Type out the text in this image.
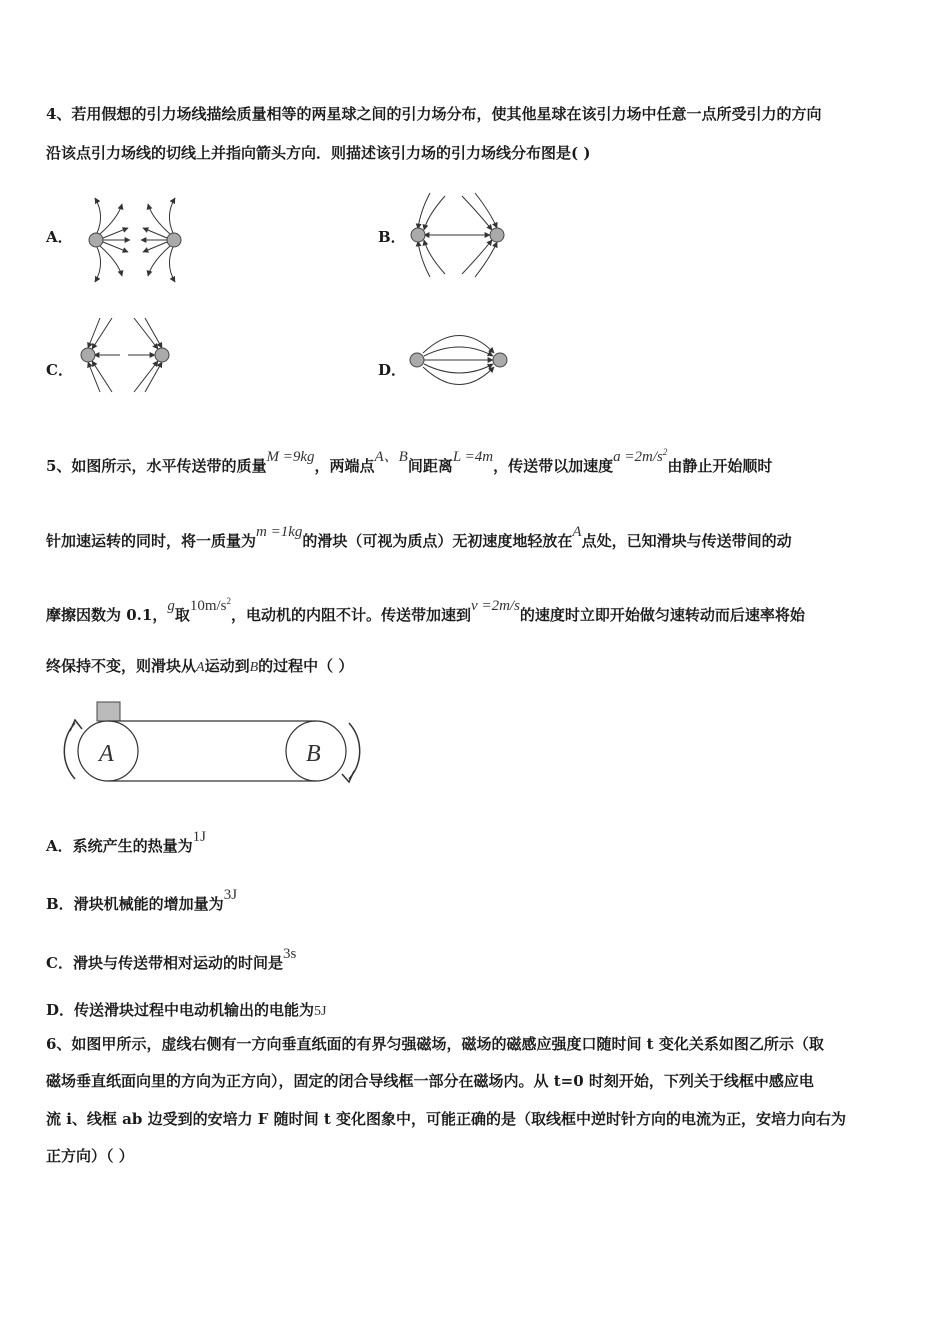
4、若用假想的引力场线描绘质量相等的两星球之间的引力场分布，使其他星球在该引力场中任意一点所受引力的方向
沿该点引力场线的切线上并指向箭头方向．则描述该引力场的引力场线分布图是( )
A．	B．
C．	D．
A	B
5、如图所示，水平传送带的质量M =9kg，两端点A、B间距离L =4m，传送带以加速度$a =2m/s^2$由静止开始顺时
针加速运转的同时，将一质量为m =1kg的滑块（可视为质点）无初速度地轻放在A点处，已知滑块与传送带间的动
摩擦因数为 0.1，g取$10m/s^2$，电动机的内阻不计。传送带加速到v =2m/s的速度时立即开始做匀速转动而后速率将始
终保持不变，则滑块从A运动到B的过程中（ ）
A．系统产生的热量为1J
B．滑块机械能的增加量为3J
C．滑块与传送带相对运动的时间是3s
D．传送滑块过程中电动机输出的电能为5J
6、如图甲所示，虚线右侧有一方向垂直纸面的有界匀强磁场，磁场的磁感应强度口随时间 t 变化关系如图乙所示（取
磁场垂直纸面向里的方向为正方向），固定的闭合导线框一部分在磁场内。从 t=0 时刻开始，下列关于线框中感应电
流 i、线框 ab 边受到的安培力 F 随时间 t 变化图象中，可能正确的是（取线框中逆时针方向的电流为正，安培力向右为
正方向）（ ）
